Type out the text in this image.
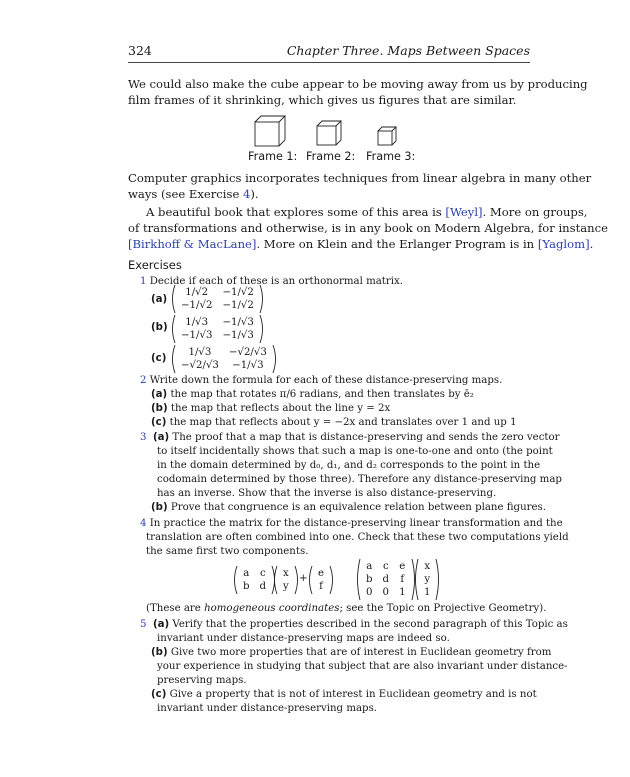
324	Chapter Three. Maps Between Spaces
We could also make the cube appear to be moving away from us by producing
film frames of it shrinking, which gives us figures that are similar.
Frame 1: Frame 2: Frame 3:
Computer graphics incorporates techniques from linear algebra in many other
ways (see Exercise 4).
A beautiful book that explores some of this area is [Weyl]. More on groups,
of transformations and otherwise, is in any book on Modern Algebra, for instance
[Birkhoff & MacLane]. More on Klein and the Erlanger Program is in [Yaglom].
Exercises
1 Decide if each of these is an orthonormal matrix.
(a)
(b)
(c)
1/√2	−1/√2
−1/√2	−1/√2
1/√3	−1/√3
−1/√3	−1/√3
1/√3	−√2/√3
−√2/√3	−1/√3
2 Write down the formula for each of these distance-preserving maps.
(a) the map that rotates π/6 radians, and then translates by ē₂
(b) the map that reflects about the line y = 2x
(c) the map that reflects about y = −2x and translates over 1 and up 1
3 (a) The proof that a map that is distance-preserving and sends the zero vector
to itself incidentally shows that such a map is one-to-one and onto (the point
in the domain determined by d₀, d₁, and d₂ corresponds to the point in the
codomain determined by those three). Therefore any distance-preserving map
has an inverse. Show that the inverse is also distance-preserving.
(b) Prove that congruence is an equivalence relation between plane figures.
4 In practice the matrix for the distance-preserving linear transformation and the
translation are often combined into one. Check that these two computations yield
the same first two components.
a	c
b	d
x
y
+ e
f
a	c	e
b	d	f
0	0	1
x
y
1
(These are homogeneous coordinates; see the Topic on Projective Geometry).
5 (a) Verify that the properties described in the second paragraph of this Topic as
invariant under distance-preserving maps are indeed so.
(b) Give two more properties that are of interest in Euclidean geometry from
your experience in studying that subject that are also invariant under distance-
preserving maps.
(c) Give a property that is not of interest in Euclidean geometry and is not
invariant under distance-preserving maps.
